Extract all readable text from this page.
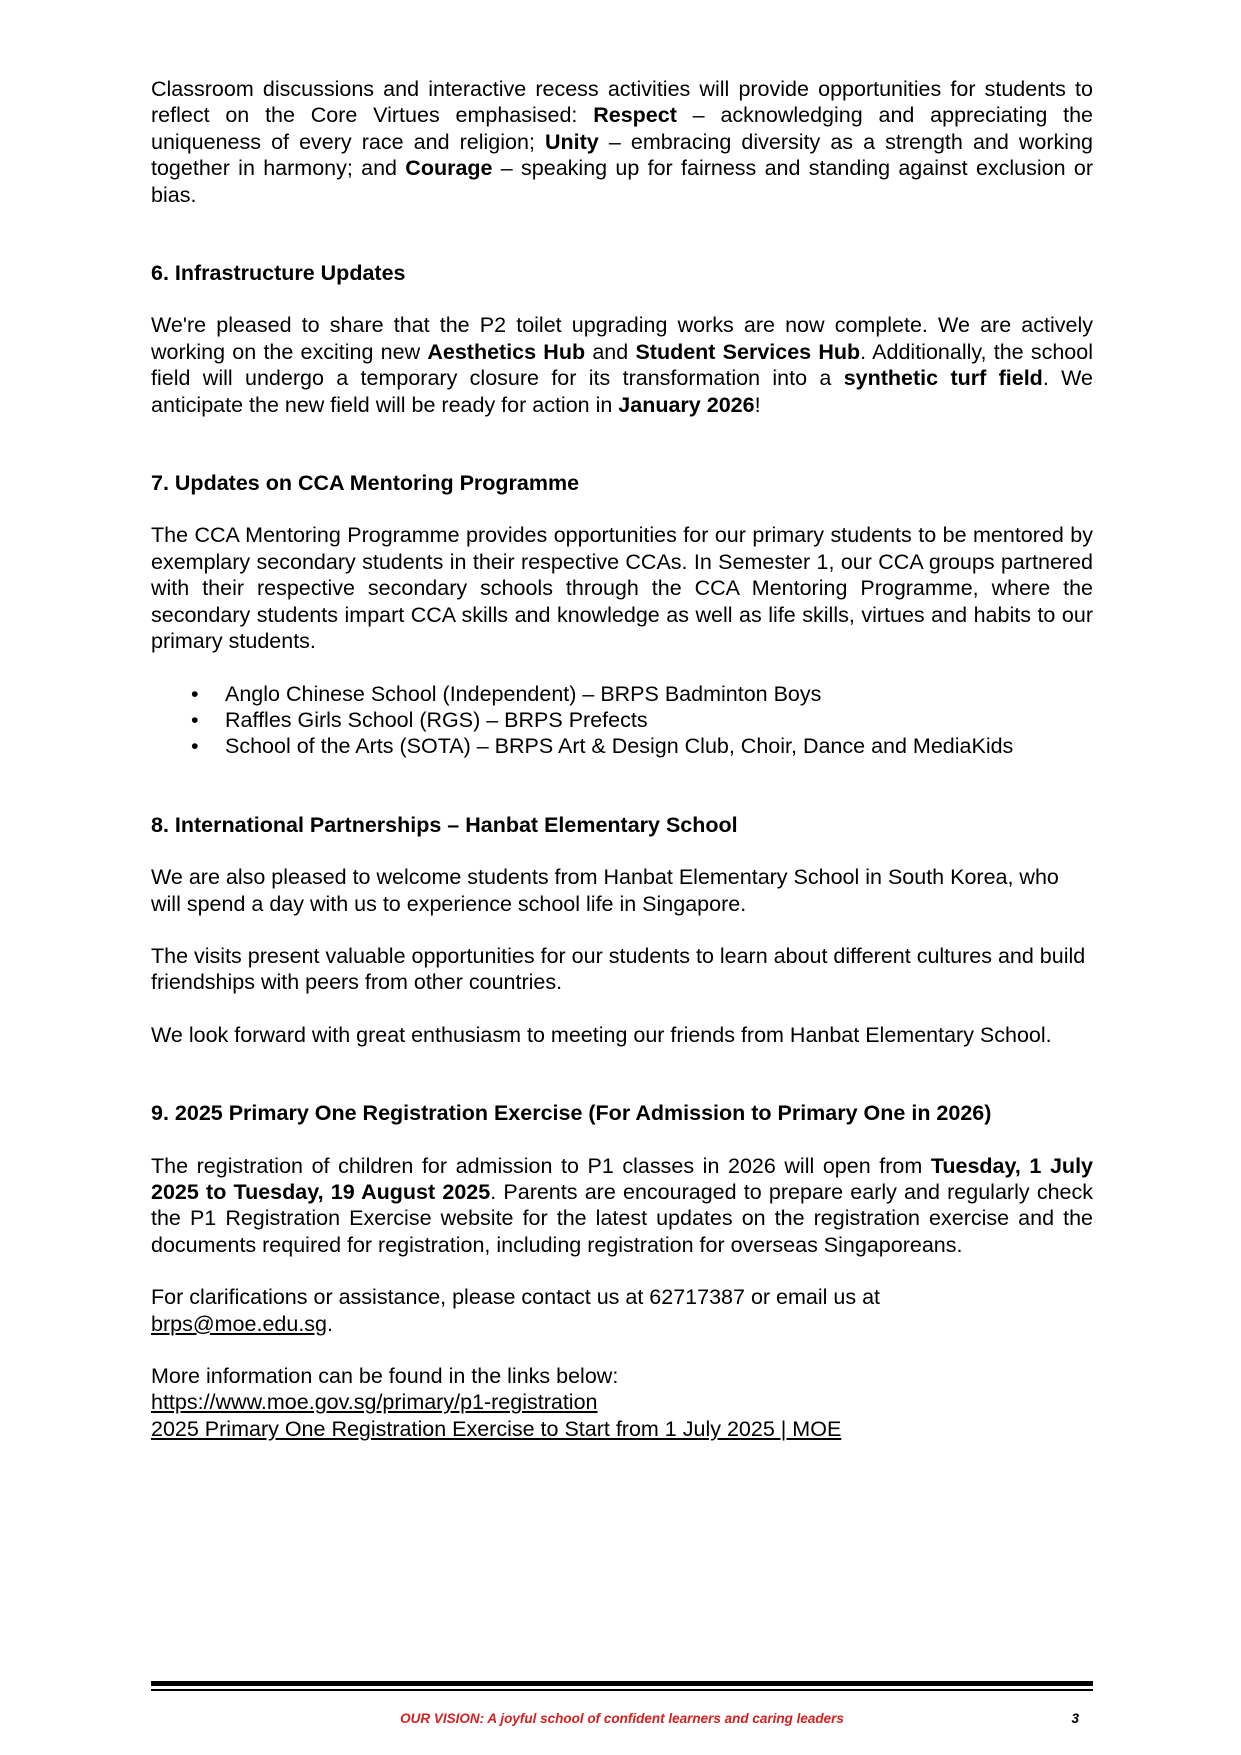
Classroom discussions and interactive recess activities will provide opportunities for students to reflect on the Core Virtues emphasised: Respect – acknowledging and appreciating the uniqueness of every race and religion; Unity – embracing diversity as a strength and working together in harmony; and Courage – speaking up for fairness and standing against exclusion or bias.

6. Infrastructure Updates

We're pleased to share that the P2 toilet upgrading works are now complete. We are actively working on the exciting new Aesthetics Hub and Student Services Hub. Additionally, the school field will undergo a temporary closure for its transformation into a synthetic turf field. We anticipate the new field will be ready for action in January 2026!

7. Updates on CCA Mentoring Programme

The CCA Mentoring Programme provides opportunities for our primary students to be mentored by exemplary secondary students in their respective CCAs. In Semester 1, our CCA groups partnered with their respective secondary schools through the CCA Mentoring Programme, where the secondary students impart CCA skills and knowledge as well as life skills, virtues and habits to our primary students.

• Anglo Chinese School (Independent) – BRPS Badminton Boys
• Raffles Girls School (RGS) – BRPS Prefects
• School of the Arts (SOTA) – BRPS Art & Design Club, Choir, Dance and MediaKids
8. International Partnerships – Hanbat Elementary School

We are also pleased to welcome students from Hanbat Elementary School in South Korea, who will spend a day with us to experience school life in Singapore.

The visits present valuable opportunities for our students to learn about different cultures and build friendships with peers from other countries.

We look forward with great enthusiasm to meeting our friends from Hanbat Elementary School.

9. 2025 Primary One Registration Exercise (For Admission to Primary One in 2026)

The registration of children for admission to P1 classes in 2026 will open from Tuesday, 1 July 2025 to Tuesday, 19 August 2025. Parents are encouraged to prepare early and regularly check the P1 Registration Exercise website for the latest updates on the registration exercise and the documents required for registration, including registration for overseas Singaporeans.

For clarifications or assistance, please contact us at 62717387 or email us at
brps@moe.edu.sg.

More information can be found in the links below:
https://www.moe.gov.sg/primary/p1-registration
2025 Primary One Registration Exercise to Start from 1 July 2025 | MOE

OUR VISION: A joyful school of confident learners and caring leaders	3
